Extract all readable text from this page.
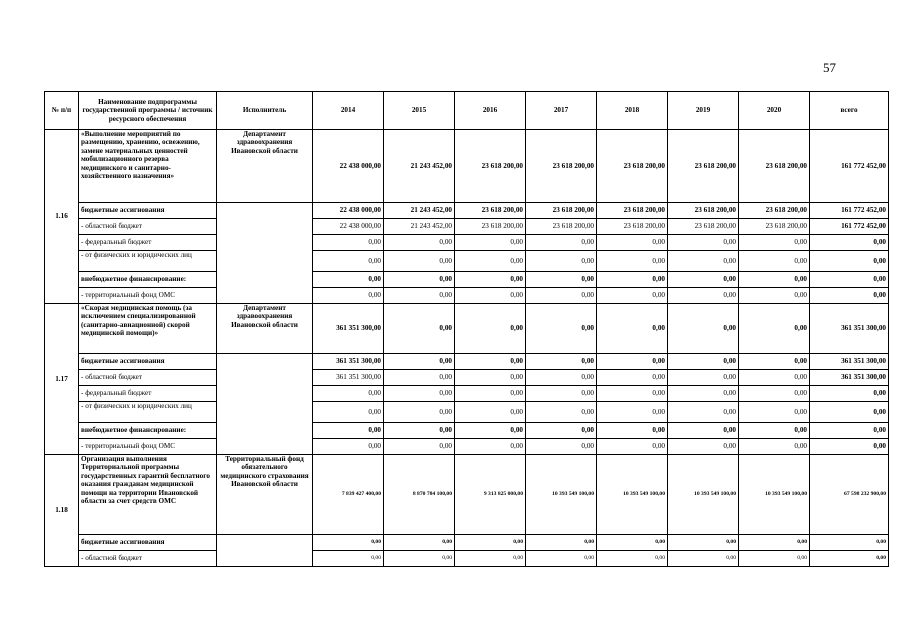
57
№ п/п	Наименование подпрограммы государственной программы / источник ресурсного обеспечения	Исполнитель	2014	2015	2016	2017	2018	2019	2020	всего
1.16	«Выполнение мероприятий по размещению, хранению, освежению, замене материальных ценностей мобилизационного резерва медицинского и санитарно-хозяйственного назначения»	Департамент здравоохранения Ивановской области	22 438 000,00	21 243 452,00	23 618 200,00	23 618 200,00	23 618 200,00	23 618 200,00	23 618 200,00	161 772 452,00
	бюджетные ассигнования		22 438 000,00	21 243 452,00	23 618 200,00	23 618 200,00	23 618 200,00	23 618 200,00	23 618 200,00	161 772 452,00
	- областной бюджет		22 438 000,00	21 243 452,00	23 618 200,00	23 618 200,00	23 618 200,00	23 618 200,00	23 618 200,00	161 772 452,00
	- федеральный бюджет		0,00	0,00	0,00	0,00	0,00	0,00	0,00	0,00
	- от физических и юридических лиц		0,00	0,00	0,00	0,00	0,00	0,00	0,00	0,00
	внебюджетное финансирование:		0,00	0,00	0,00	0,00	0,00	0,00	0,00	0,00
	- территориальный фонд ОМС		0,00	0,00	0,00	0,00	0,00	0,00	0,00	0,00
1.17	«Скорая медицинская помощь (за исключением специализированной (санитарно-авиационной) скорой медицинской помощи)»	Департамент здравоохранения Ивановской области	361 351 300,00	0,00	0,00	0,00	0,00	0,00	0,00	361 351 300,00
	бюджетные ассигнования		361 351 300,00	0,00	0,00	0,00	0,00	0,00	0,00	361 351 300,00
	- областной бюджет		361 351 300,00	0,00	0,00	0,00	0,00	0,00	0,00	361 351 300,00
	- федеральный бюджет		0,00	0,00	0,00	0,00	0,00	0,00	0,00	0,00
	- от физических и юридических лиц		0,00	0,00	0,00	0,00	0,00	0,00	0,00	0,00
	внебюджетное финансирование:		0,00	0,00	0,00	0,00	0,00	0,00	0,00	0,00
	- территориальный фонд ОМС		0,00	0,00	0,00	0,00	0,00	0,00	0,00	0,00
1.18	Организация выполнения Территориальной программы государственных гарантий бесплатного оказания гражданам медицинской помощи на территории Ивановской области за счет средств ОМС	Территориальный фонд обязательного медицинского страхования Ивановской области	7 839 427 400,00	8 870 784 100,00	9 313 825 000,00	10 393 549 100,00	10 393 549 100,00	10 393 549 100,00	10 393 549 100,00	67 598 232 900,00
	бюджетные ассигнования		0,00	0,00	0,00	0,00	0,00	0,00	0,00	0,00
	- областной бюджет		0,00	0,00	0,00	0,00	0,00	0,00	0,00	0,00
